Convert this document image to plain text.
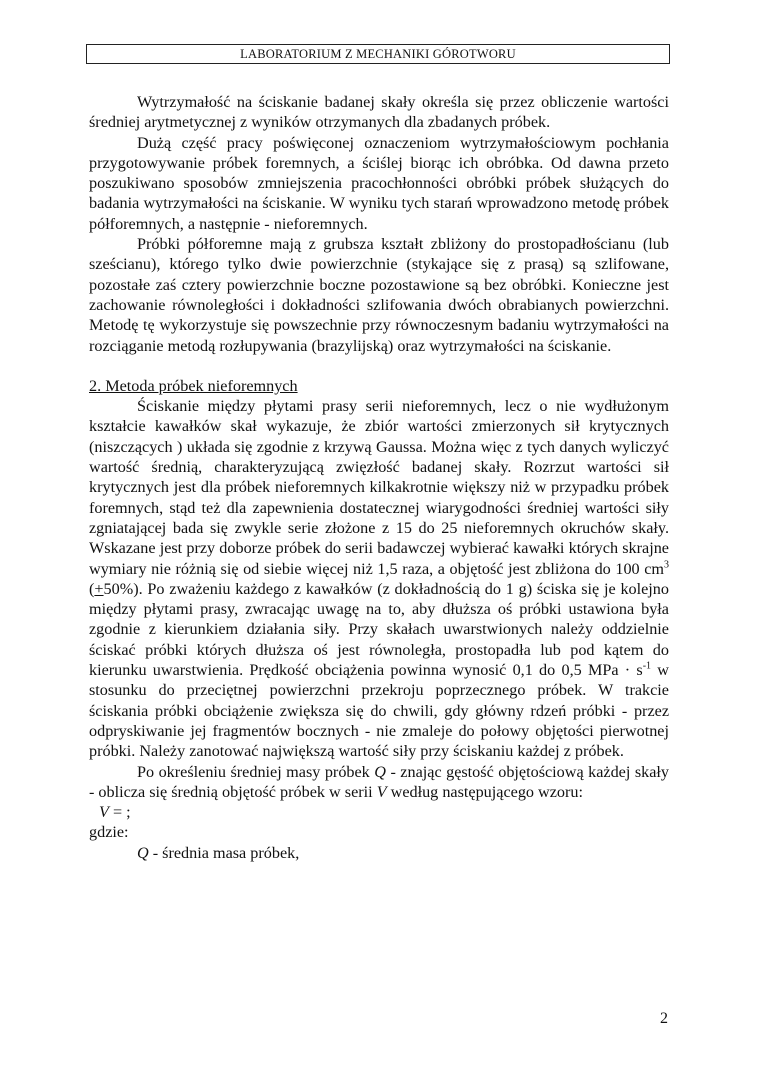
LABORATORIUM Z MECHANIKI GÓROTWORU

Wytrzymałość na ściskanie badanej skały określa się przez obliczenie wartości średniej arytmetycznej z wyników otrzymanych dla zbadanych próbek.

Dużą część pracy poświęconej oznaczeniom wytrzymałościowym pochłania przygotowywanie próbek foremnych, a ściślej biorąc ich obróbka. Od dawna przeto poszukiwano sposobów zmniejszenia pracochłonności obróbki próbek służących do badania wytrzymałości na ściskanie. W wyniku tych starań wprowadzono metodę próbek półforemnych, a następnie - nieforemnych.

Próbki półforemne mają z grubsza kształt zbliżony do prostopadłościanu (lub sześcianu), którego tylko dwie powierzchnie (stykające się z prasą) są szlifowane, pozostałe zaś cztery powierzchnie boczne pozostawione są bez obróbki. Konieczne jest zachowanie równoległości i dokładności szlifowania dwóch obrabianych powierzchni. Metodę tę wykorzystuje się powszechnie przy równoczesnym badaniu wytrzymałości na rozciąganie metodą rozłupywania (brazylijską) oraz wytrzymałości na ściskanie.

2. Metoda próbek nieforemnych

Ściskanie między płytami prasy serii nieforemnych, lecz o nie wydłużonym kształcie kawałków skał wykazuje, że zbiór wartości zmierzonych sił krytycznych (niszczących ) układa się zgodnie z krzywą Gaussa. Można więc z tych danych wyliczyć wartość średnią, charakteryzującą zwięzłość badanej skały. Rozrzut wartości sił krytycznych jest dla próbek nieforemnych kilkakrotnie większy niż w przypadku próbek foremnych, stąd też dla zapewnienia dostatecznej wiarygodności średniej wartości siły zgniatającej bada się zwykle serie złożone z 15 do 25 nieforemnych okruchów skały. Wskazane jest przy doborze próbek do serii badawczej wybierać kawałki których skrajne wymiary nie różnią się od siebie więcej niż 1,5 raza, a objętość jest zbliżona do 100 $cm^3$ (+50%). Po zważeniu każdego z kawałków (z dokładnością do 1 g) ściska się je kolejno między płytami prasy, zwracając uwagę na to, aby dłuższa oś próbki ustawiona była zgodnie z kierunkiem działania siły. Przy skałach uwarstwionych należy oddzielnie ściskać próbki których dłuższa oś jest równoległa, prostopadła lub pod kątem do kierunku uwarstwienia. Prędkość obciążenia powinna wynosić 0,1 do 0,5 MPa · $s^{-1}$ w stosunku do przeciętnej powierzchni przekroju poprzecznego próbek. W trakcie ściskania próbki obciążenie zwiększa się do chwili, gdy główny rdzeń próbki - przez odpryskiwanie jej fragmentów bocznych - nie zmaleje do połowy objętości pierwotnej próbki. Należy zanotować największą wartość siły przy ściskaniu każdej z próbek.

Po określeniu średniej masy próbek Q - znając gęstość objętościową każdej skały - oblicza się średnią objętość próbek w serii V według następującego wzoru:

V = ;

gdzie:

Q - średnia masa próbek,

2
